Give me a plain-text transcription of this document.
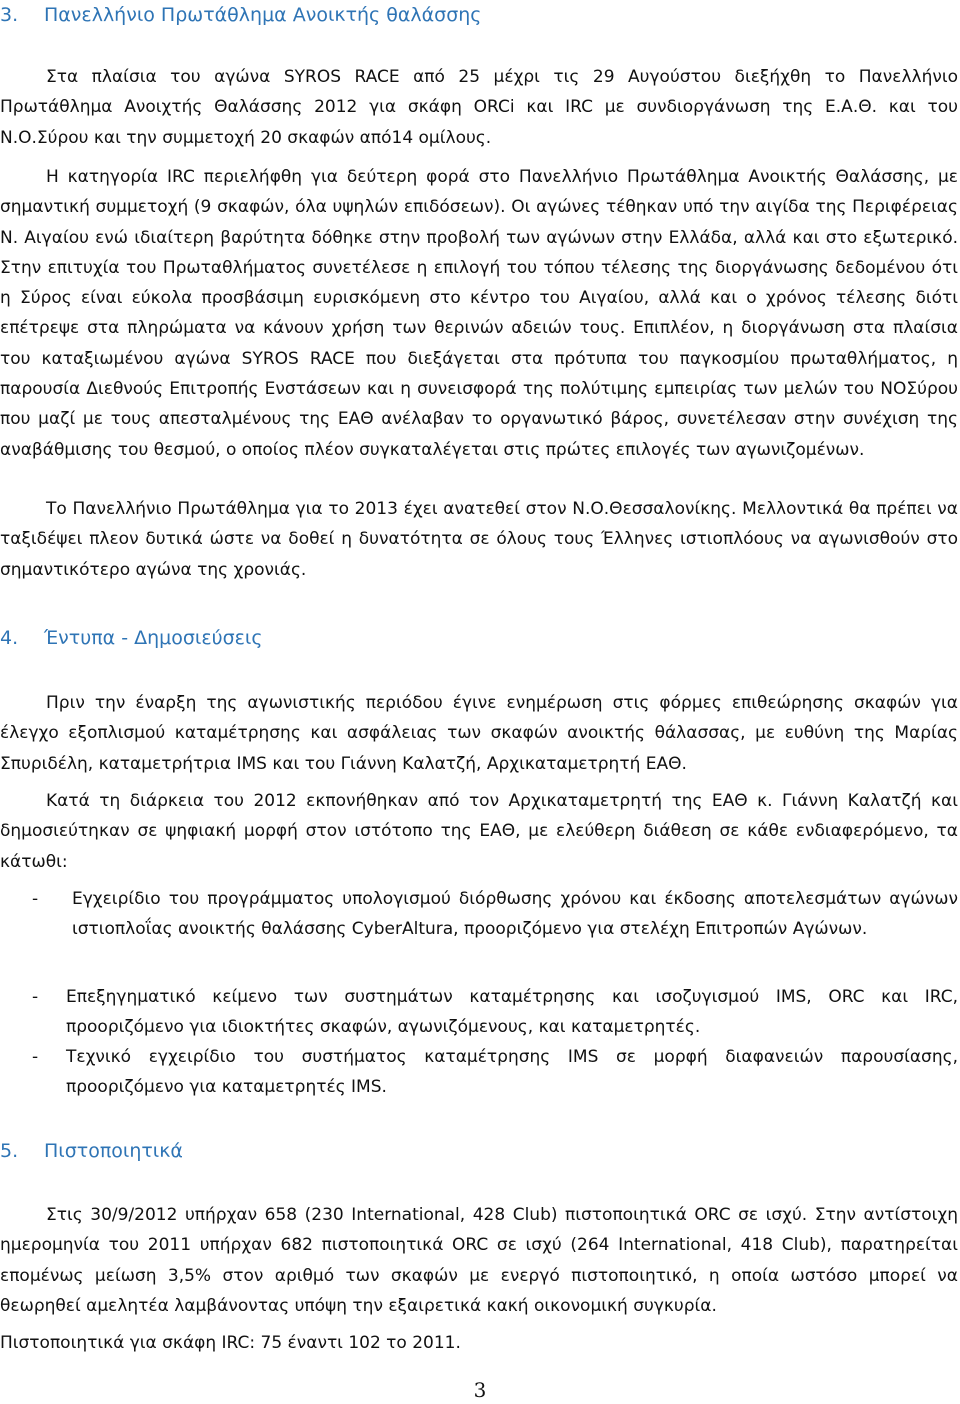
3. Πανελλήνιο Πρωτάθλημα Ανοικτής θαλάσσης

Στα πλαίσια του αγώνα SYROS RACE από 25 μέχρι τις 29 Αυγούστου διεξήχθη το Πανελλήνιο Πρωτάθλημα Ανοιχτής Θαλάσσης 2012 για σκάφη ORCi και IRC με συνδιοργάνωση της Ε.Α.Θ. και του Ν.Ο.Σύρου και την συμμετοχή 20 σκαφών από14 ομίλους.

Η κατηγορία IRC περιελήφθη για δεύτερη φορά στο Πανελλήνιο Πρωτάθλημα Ανοικτής Θαλάσσης, με σημαντική συμμετοχή (9 σκαφών, όλα υψηλών επιδόσεων). Οι αγώνες τέθηκαν υπό την αιγίδα της Περιφέρειας Ν. Αιγαίου ενώ ιδιαίτερη βαρύτητα δόθηκε στην προβολή των αγώνων στην Ελλάδα, αλλά και στο εξωτερικό. Στην επιτυχία του Πρωταθλήματος συνετέλεσε η επιλογή του τόπου τέλεσης της διοργάνωσης δεδομένου ότι η Σύρος είναι εύκολα προσβάσιμη ευρισκόμενη στο κέντρο του Αιγαίου, αλλά και ο χρόνος τέλεσης διότι επέτρεψε στα πληρώματα να κάνουν χρήση των θερινών αδειών τους. Επιπλέον, η διοργάνωση στα πλαίσια του καταξιωμένου αγώνα SYROS RACE που διεξάγεται στα πρότυπα του παγκοσμίου πρωταθλήματος, η παρουσία Διεθνούς Επιτροπής Ενστάσεων και η συνεισφορά της πολύτιμης εμπειρίας των μελών του ΝΟΣύρου που μαζί με τους απεσταλμένους της ΕΑΘ ανέλαβαν το οργανωτικό βάρος, συνετέλεσαν στην συνέχιση της αναβάθμισης του θεσμού, ο οποίος πλέον συγκαταλέγεται στις πρώτες επιλογές των αγωνιζομένων.

Το Πανελλήνιο Πρωτάθλημα για το 2013 έχει ανατεθεί στον Ν.Ο.Θεσσαλονίκης. Μελλοντικά θα πρέπει να ταξιδέψει πλεον δυτικά ώστε να δοθεί η δυνατότητα σε όλους τους Έλληνες ιστιοπλόους να αγωνισθούν στο σημαντικότερο αγώνα της χρονιάς.

4. Έντυπα - Δημοσιεύσεις

Πριν την έναρξη της αγωνιστικής περιόδου έγινε ενημέρωση στις φόρμες επιθεώρησης σκαφών για έλεγχο εξοπλισμού καταμέτρησης και ασφάλειας των σκαφών ανοικτής θάλασσας, με ευθύνη της Μαρίας Σπυριδέλη, καταμετρήτρια IMS και του Γιάννη Καλατζή, Αρχικαταμετρητή ΕΑΘ.

Κατά τη διάρκεια του 2012 εκπονήθηκαν από τον Αρχικαταμετρητή της ΕΑΘ κ. Γιάννη Καλατζή και δημοσιεύτηκαν σε ψηφιακή μορφή στον ιστότοπο της ΕΑΘ, με ελεύθερη διάθεση σε κάθε ενδιαφερόμενο, τα κάτωθι:

- Εγχειρίδιο του προγράμματος υπολογισμού διόρθωσης χρόνου και έκδοσης αποτελεσμάτων αγώνων ιστιοπλοΐας ανοικτής θαλάσσης CyberAltura, προοριζόμενο για στελέχη Επιτροπών Αγώνων.
- Επεξηγηματικό κείμενο των συστημάτων καταμέτρησης και ισοζυγισμού IMS, ORC και IRC, προοριζόμενο για ιδιοκτήτες σκαφών, αγωνιζόμενους, και καταμετρητές.
- Τεχνικό εγχειρίδιο του συστήματος καταμέτρησης IMS σε μορφή διαφανειών παρουσίασης, προοριζόμενο για καταμετρητές IMS.
5. Πιστοποιητικά

Στις 30/9/2012 υπήρχαν 658 (230 International, 428 Club) πιστοποιητικά ORC σε ισχύ. Στην αντίστοιχη ημερομηνία του 2011 υπήρχαν 682 πιστοποιητικά ORC σε ισχύ (264 International, 418 Club), παρατηρείται επομένως μείωση 3,5% στον αριθμό των σκαφών με ενεργό πιστοποιητικό, η οποία ωστόσο μπορεί να θεωρηθεί αμελητέα λαμβάνοντας υπόψη την εξαιρετικά κακή οικονομική συγκυρία.

Πιστοποιητικά για σκάφη IRC: 75 έναντι 102 το 2011.

3
